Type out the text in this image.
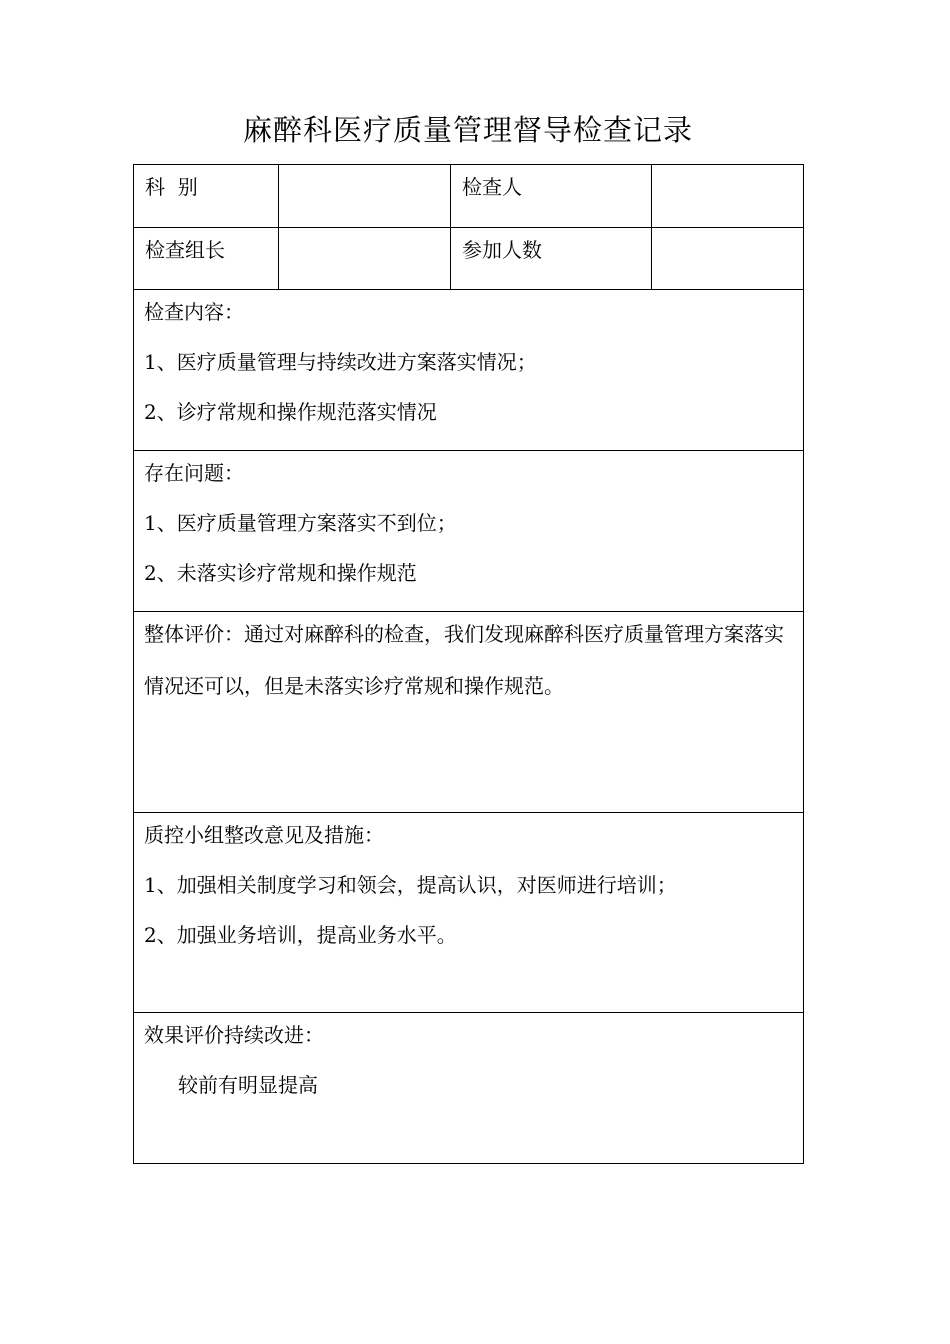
麻醉科医疗质量管理督导检查记录
科  别		检查人	

检查组长		参加人数	

检查内容：
1、医疗质量管理与持续改进方案落实情况；
2、诊疗常规和操作规范落实情况			

存在问题：
1、医疗质量管理方案落实不到位；
2、未落实诊疗常规和操作规范			

整体评价：通过对麻醉科的检查，我们发现麻醉科医疗质量管理方案落实情况还可以，但是未落实诊疗常规和操作规范。			

质控小组整改意见及措施：
1、加强相关制度学习和领会，提高认识，对医师进行培训；
2、加强业务培训，提高业务水平。			

效果评价持续改进：
较前有明显提高			
